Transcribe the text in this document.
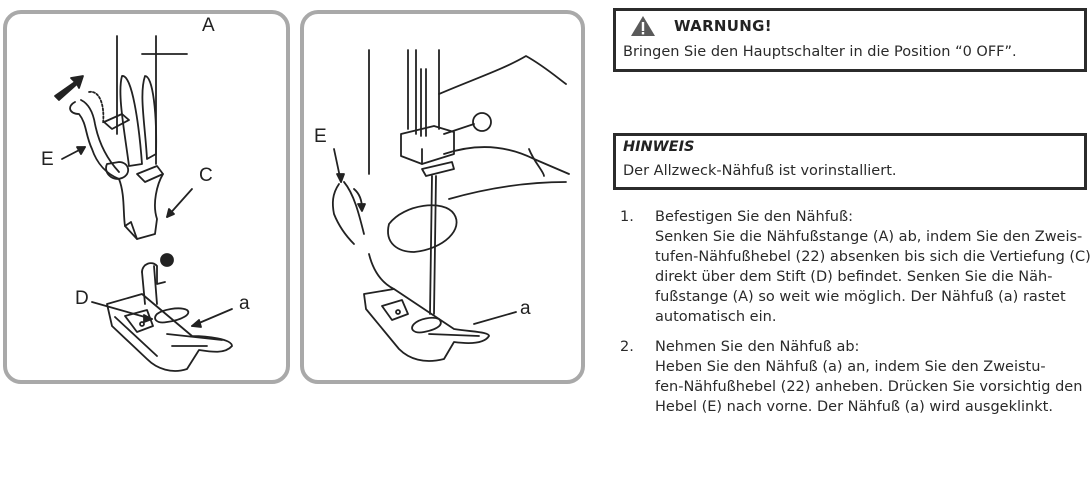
A
E
C
D	a
E
a
WARNUNG!
Bringen Sie den Hauptschalter in die Position “0 OFF”.
HINWEIS
Der Allzweck-Nähfuß ist vorinstalliert.
1.	Befestigen Sie den Nähfuß:
Senken Sie die Nähfußstange (A) ab, indem Sie den Zweis-
tufen-Nähfußhebel (22) absenken bis sich die Vertiefung (C)
direkt über dem Stift (D) befindet. Senken Sie die Näh-
fußstange (A) so weit wie möglich. Der Nähfuß (a) rastet
automatisch ein.
2.	Nehmen Sie den Nähfuß ab:
Heben Sie den Nähfuß (a) an, indem Sie den Zweistu-
fen-Nähfußhebel (22) anheben. Drücken Sie vorsichtig den
Hebel (E) nach vorne. Der Nähfuß (a) wird ausgeklinkt.
